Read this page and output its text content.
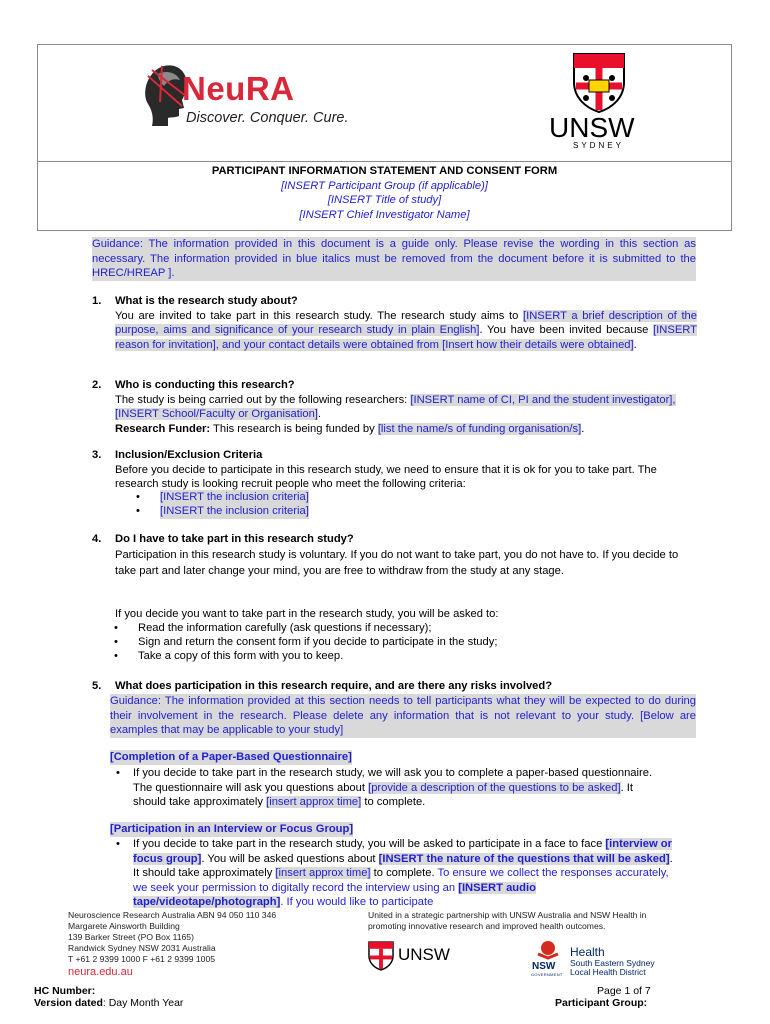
NeuRA
Discover. Conquer. Cure.	UNSW
SYDNEY
PARTICIPANT INFORMATION STATEMENT AND CONSENT FORM
[INSERT Participant Group (if applicable)]
[INSERT Title of study]
[INSERT Chief Investigator Name]
Guidance: The information provided in this document is a guide only. Please revise the wording in this section as necessary. The information provided in blue italics must be removed from the document before it is submitted to the HREC/HREAP ].
1. What is the research study about?
You are invited to take part in this research study. The research study aims to [INSERT a brief description of the purpose, aims and significance of your research study in plain English]. You have been invited because [INSERT reason for invitation], and your contact details were obtained from [Insert how their details were obtained].
2. Who is conducting this research?
The study is being carried out by the following researchers: [INSERT name of CI, PI and the student investigator], [INSERT School/Faculty or Organisation].
Research Funder: This research is being funded by [list the name/s of funding organisation/s].
3. Inclusion/Exclusion Criteria
Before you decide to participate in this research study, we need to ensure that it is ok for you to take part. The research study is looking recruit people who meet the following criteria:
• [INSERT the inclusion criteria]
• [INSERT the inclusion criteria]
4. Do I have to take part in this research study?
Participation in this research study is voluntary. If you do not want to take part, you do not have to. If you decide to take part and later change your mind, you are free to withdraw from the study at any stage.
If you decide you want to take part in the research study, you will be asked to:
• Read the information carefully (ask questions if necessary);
• Sign and return the consent form if you decide to participate in the study;
• Take a copy of this form with you to keep.
5. What does participation in this research require, and are there any risks involved?
Guidance: The information provided at this section needs to tell participants what they will be expected to do during their involvement in the research. Please delete any information that is not relevant to your study. [Below are examples that may be applicable to your study]
[Completion of a Paper-Based Questionnaire]
• If you decide to take part in the research study, we will ask you to complete a paper-based questionnaire. The questionnaire will ask you questions about [provide a description of the questions to be asked]. It should take approximately [insert approx time] to complete.
[Participation in an Interview or Focus Group]
• If you decide to take part in the research study, you will be asked to participate in a face to face [interview or focus group]. You will be asked questions about [INSERT the nature of the questions that will be asked]. It should take approximately [insert approx time] to complete. To ensure we collect the responses accurately, we seek your permission to digitally record the interview using an [INSERT audio tape/videotape/photograph]. If you would like to participate
Neuroscience Research Australia ABN 94 050 110 346
Margarete Ainsworth Building
139 Barker Street (PO Box 1165)
Randwick Sydney NSW 2031 Australia
T +61 2 9399 1000 F +61 2 9399 1005
neura.edu.au
United in a strategic partnership with UNSW Australia and NSW Health in
promoting innovative research and improved health outcomes.
UNSW
NSW
GOVERNMENT
Health
South Eastern Sydney
Local Health District
HC Number:
Version dated: Day Month Year
Page 1 of 7
Participant Group:
